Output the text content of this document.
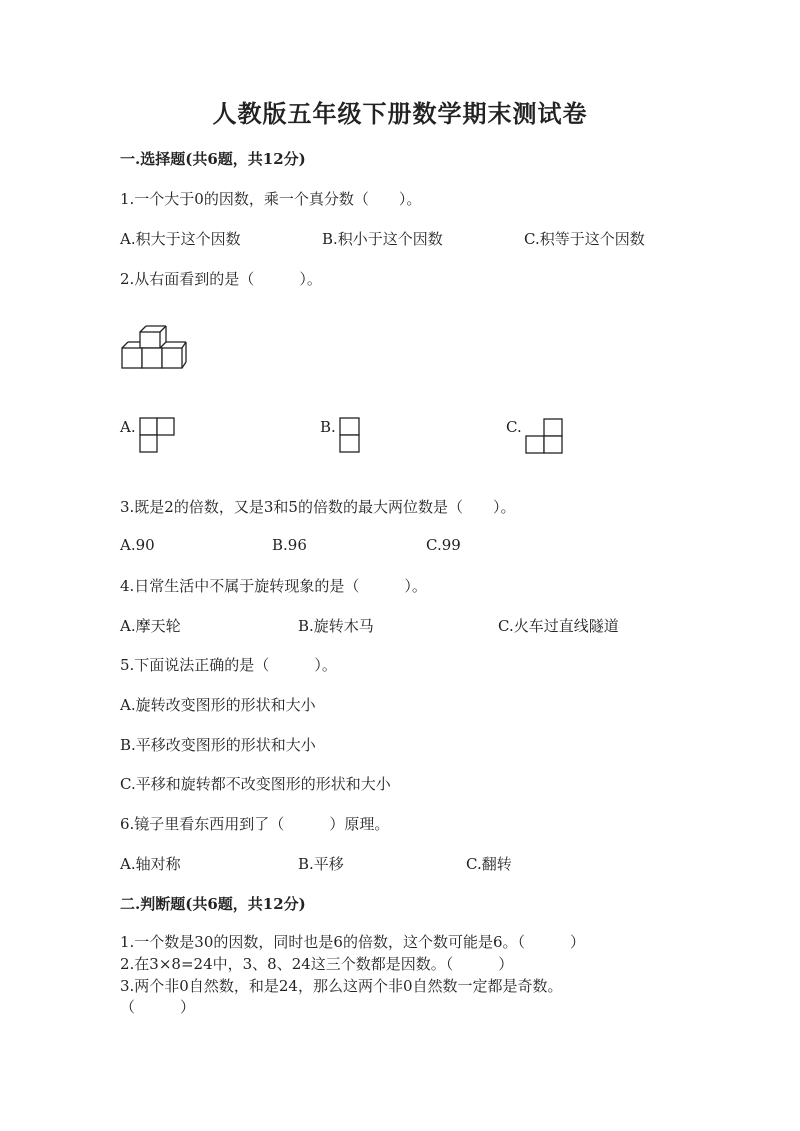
人教版五年级下册数学期末测试卷
一.选择题(共6题，共12分)
1.一个大于0的因数，乘一个真分数（　　）。
A.积大于这个因数	B.积小于这个因数	C.积等于这个因数
2.从右面看到的是（　　　）。
A.	B.	C.
3.既是2的倍数，又是3和5的倍数的最大两位数是（　　）。
A.90	B.96	C.99
4.日常生活中不属于旋转现象的是（　　　）。
A.摩天轮	B.旋转木马	C.火车过直线隧道
5.下面说法正确的是（　　　）。
A.旋转改变图形的形状和大小
B.平移改变图形的形状和大小
C.平移和旋转都不改变图形的形状和大小
6.镜子里看东西用到了（　　　）原理。
A.轴对称	B.平移	C.翻转
二.判断题(共6题，共12分)
1.一个数是30的因数，同时也是6的倍数，这个数可能是6。（　　　）
2.在3×8=24中，3、8、24这三个数都是因数。（　　　）
3.两个非0自然数，和是24，那么这两个非0自然数一定都是奇数。
（　　　）
